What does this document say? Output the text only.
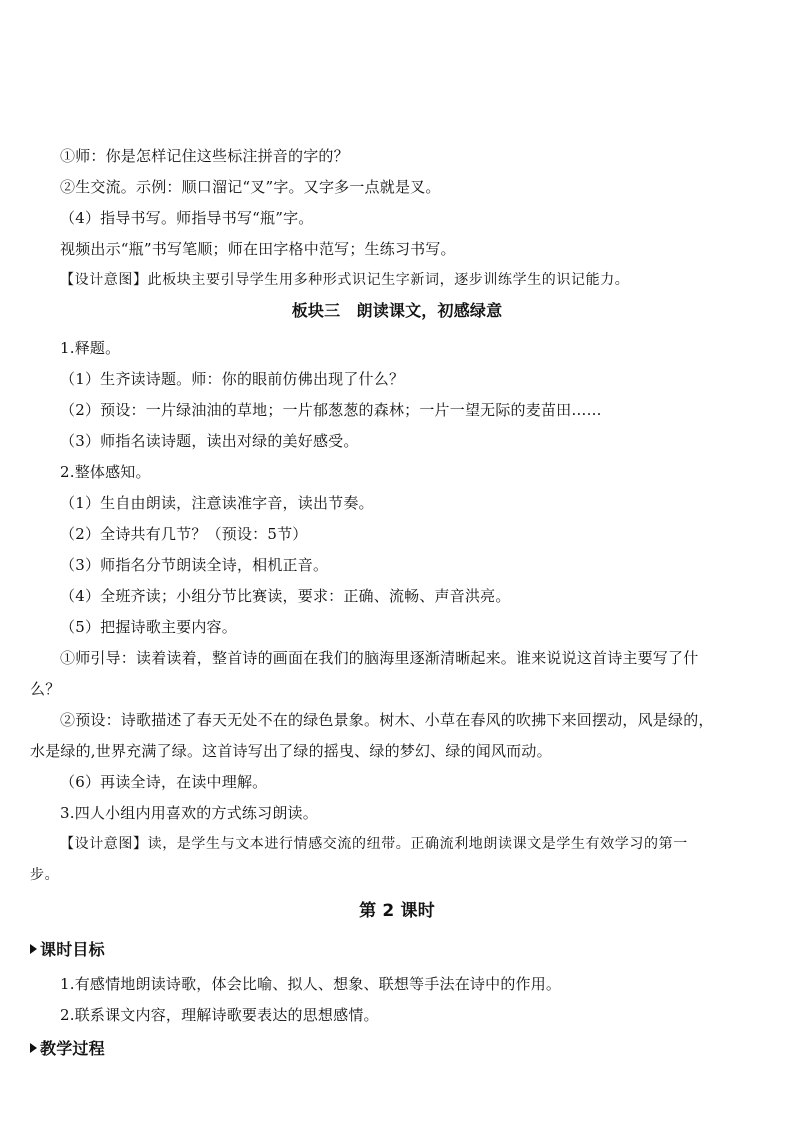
①师：你是怎样记住这些标注拼音的字的？
②生交流。示例：顺口溜记“叉”字。又字多一点就是叉。
（4）指导书写。师指导书写“瓶”字。
视频出示“瓶”书写笔顺；师在田字格中范写；生练习书写。
【设计意图】此板块主要引导学生用多种形式识记生字新词，逐步训练学生的识记能力。
板块三　朗读课文，初感绿意
1.释题。
（1）生齐读诗题。师：你的眼前仿佛出现了什么？
（2）预设：一片绿油油的草地；一片郁葱葱的森林；一片一望无际的麦苗田……
（3）师指名读诗题，读出对绿的美好感受。
2.整体感知。
（1）生自由朗读，注意读准字音，读出节奏。
（2）全诗共有几节？（预设：5节）
（3）师指名分节朗读全诗，相机正音。
（4）全班齐读；小组分节比赛读，要求：正确、流畅、声音洪亮。
（5）把握诗歌主要内容。
①师引导：读着读着，整首诗的画面在我们的脑海里逐渐清晰起来。谁来说说这首诗主要写了什
么？
②预设：诗歌描述了春天无处不在的绿色景象。树木、小草在春风的吹拂下来回摆动，风是绿的，
水是绿的,世界充满了绿。这首诗写出了绿的摇曳、绿的梦幻、绿的闻风而动。
（6）再读全诗，在读中理解。
3.四人小组内用喜欢的方式练习朗读。
【设计意图】读，是学生与文本进行情感交流的纽带。正确流利地朗读课文是学生有效学习的第一
步。
第 2 课时
课时目标
1.有感情地朗读诗歌，体会比喻、拟人、想象、联想等手法在诗中的作用。
2.联系课文内容，理解诗歌要表达的思想感情。
教学过程
